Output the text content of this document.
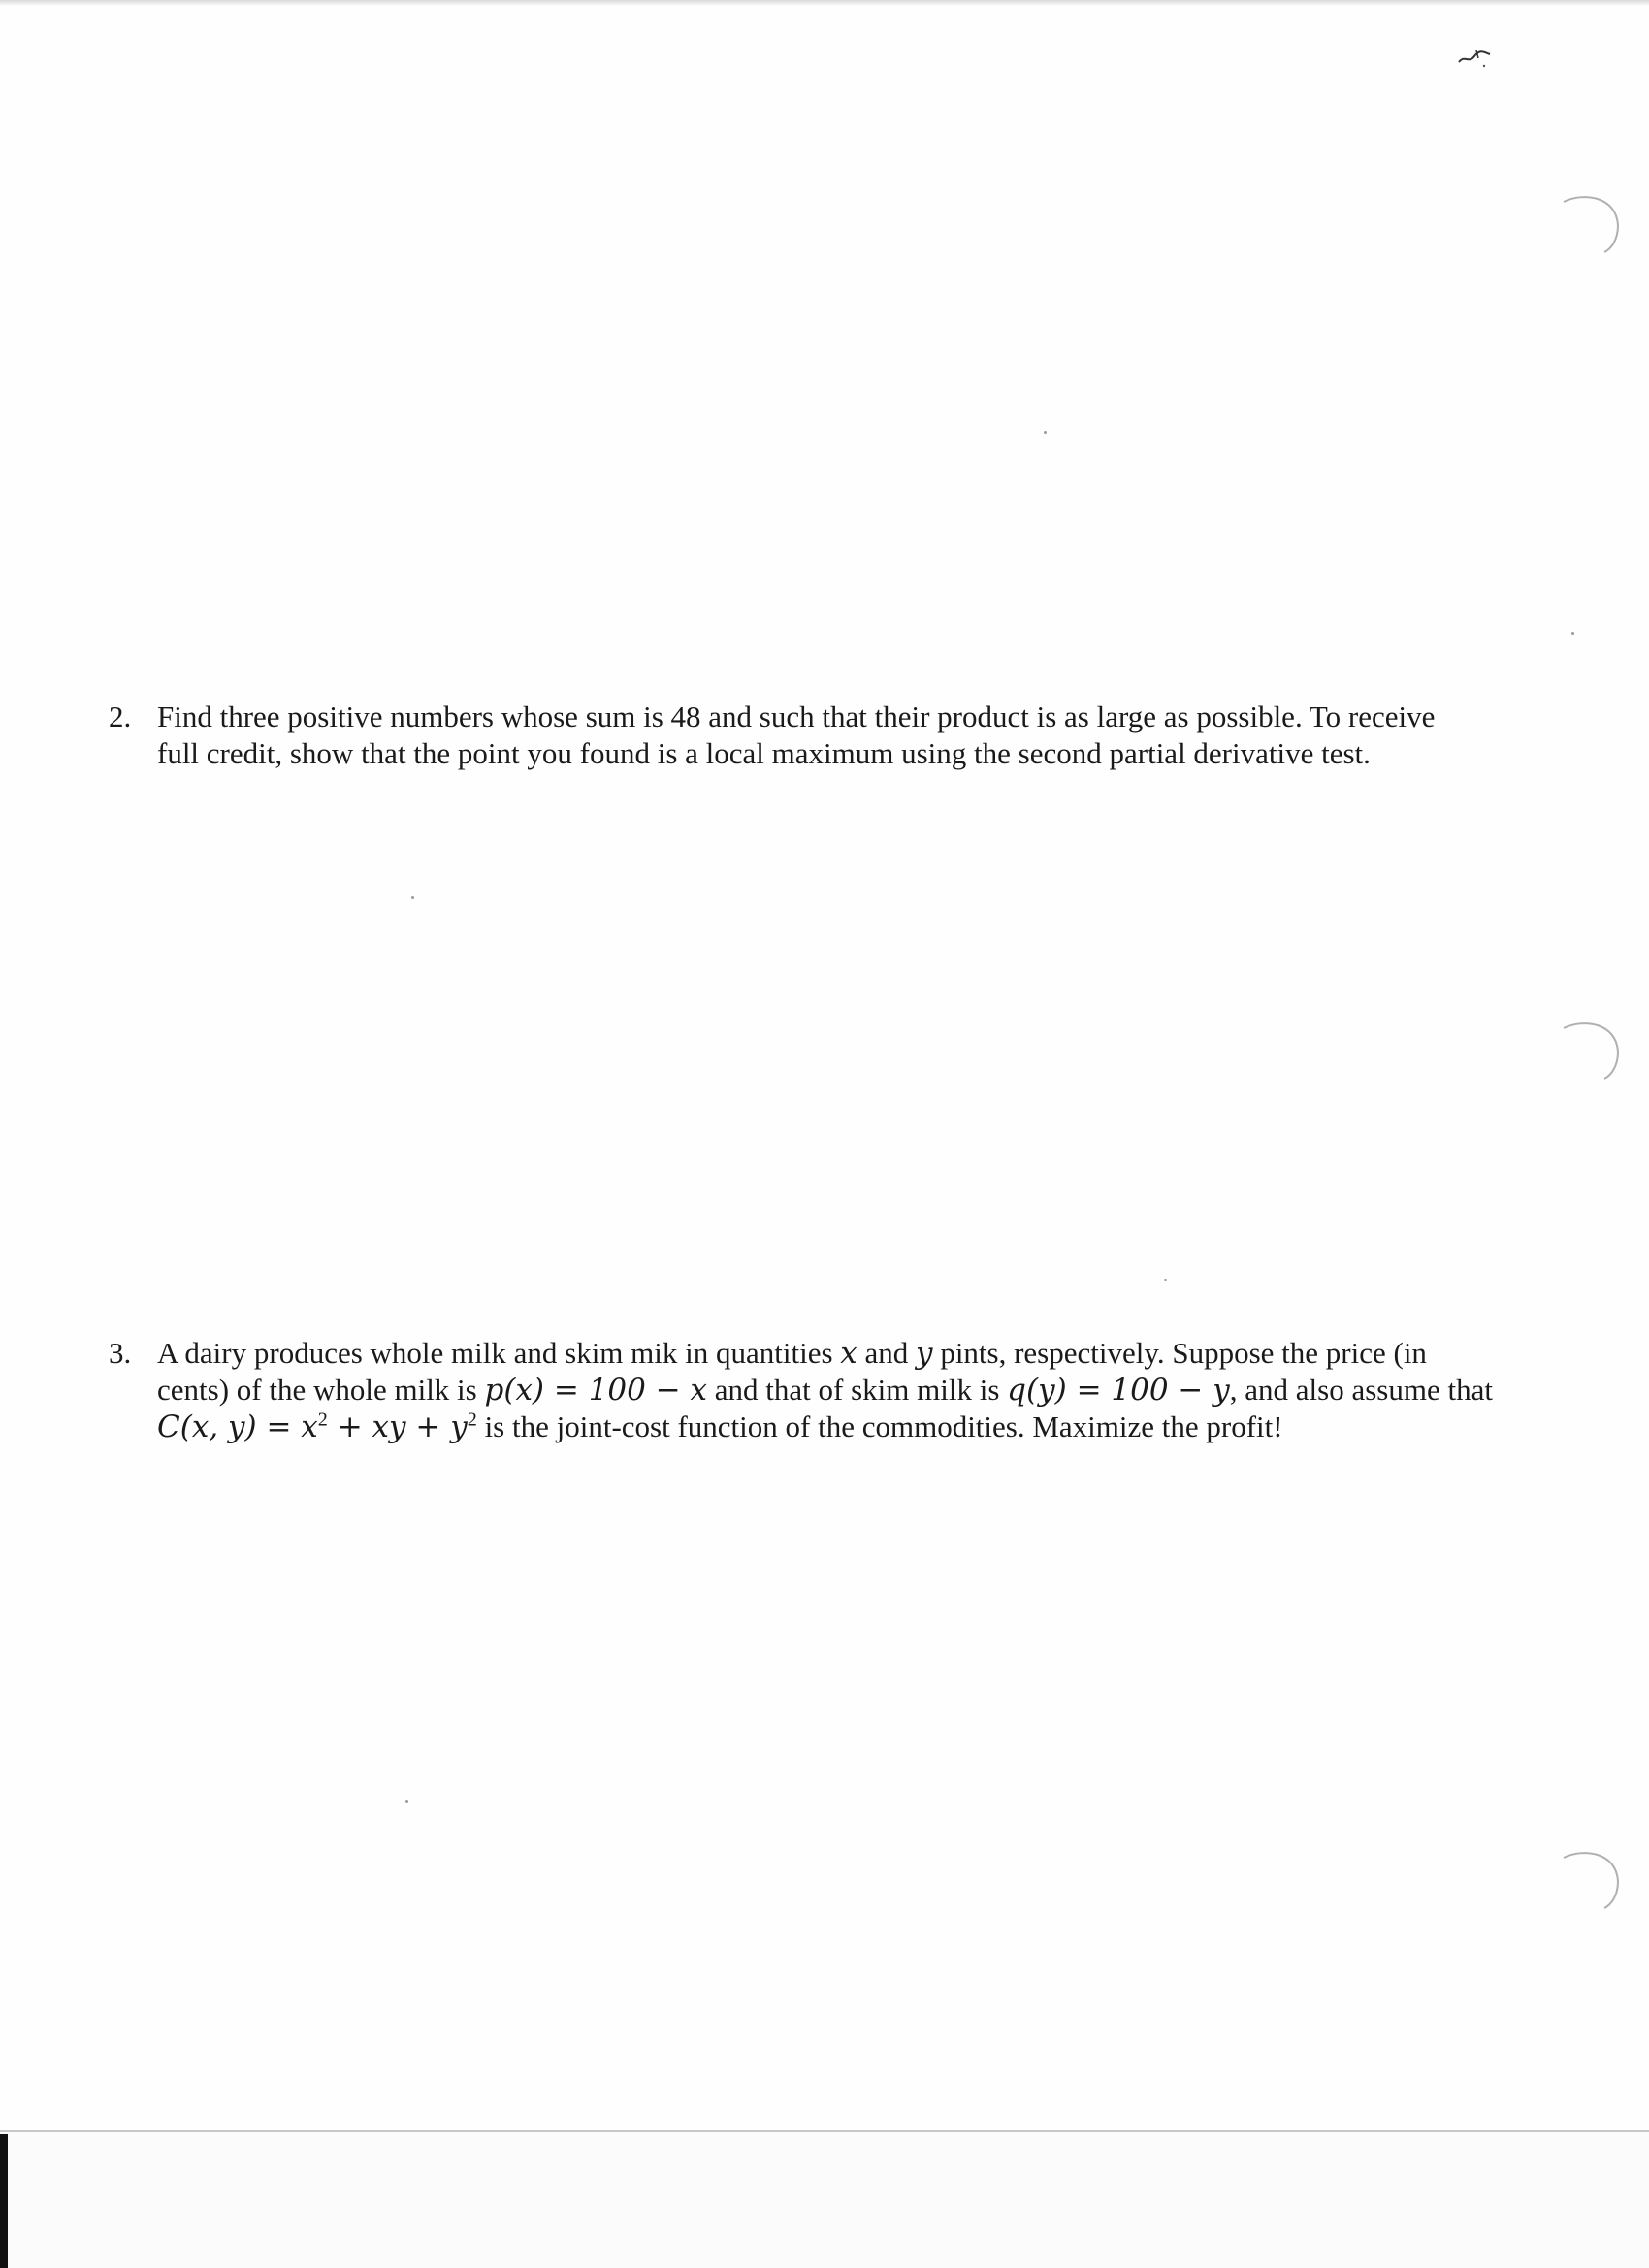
2. Find three positive numbers whose sum is 48 and such that their product is as large as possible. To receive
full credit, show that the point you found is a local maximum using the second partial derivative test.
3. A dairy produces whole milk and skim mik in quantities x and y pints, respectively. Suppose the price (in
cents) of the whole milk is p(x) = 100 − x and that of skim milk is q(y) = 100 − y, and also assume that
C(x, $y) = x^2$ + xy + $y^2$ is the joint-cost function of the commodities. Maximize the profit!
